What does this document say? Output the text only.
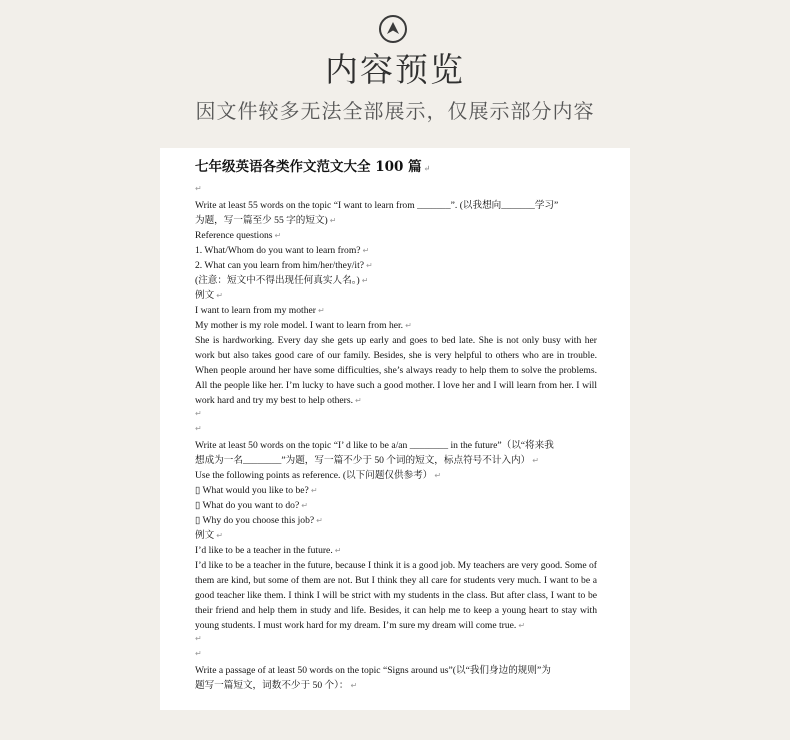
内容预览
因文件较多无法全部展示，仅展示部分内容
七年级英语各类作文范文大全 100 篇 ↵
↵
Write at least 55 words on the topic “I want to learn from _______”. (以我想向_______学习”
为题，写一篇至少 55 字的短文) ↵
Reference questions ↵
1. What/Whom do you want to learn from? ↵
2. What can you learn from him/her/they/it? ↵
(注意：短文中不得出现任何真实人名。) ↵
例文 ↵
I want to learn from my mother ↵
My mother is my role model. I want to learn from her. ↵
She is hardworking. Every day she gets up early and goes to bed late. She is not only busy with her work but also takes good care of our family. Besides, she is very helpful to others who are in trouble. When people around her have some difficulties, she’s always ready to help them to solve the problems. All the people like her. I’m lucky to have such a good mother. I love her and I will learn from her. I will work hard and try my best to help others. ↵
↵
↵
Write at least 50 words on the topic “I’ d like to be a/an ________ in the future”（以“将来我
想成为一名________”为题，写一篇不少于 50 个词的短文，标点符号不计入内） ↵
Use the following points as reference. (以下问题仅供参考） ↵
▯ What would you like to be? ↵
▯ What do you want to do? ↵
▯ Why do you choose this job? ↵
例文 ↵
I’d like to be a teacher in the future. ↵
I’d like to be a teacher in the future, because I think it is a good job. My teachers are very good. Some of them are kind, but some of them are not. But I think they all care for students very much. I want to be a good teacher like them. I think I will be strict with my students in the class. But after class, I want to be their friend and help them in study and life. Besides, it can help me to keep a young heart to stay with young students. I must work hard for my dream. I’m sure my dream will come true. ↵
↵
↵
Write a passage of at least 50 words on the topic “Signs around us”(以“我们身边的规则”为
题写一篇短文，词数不少于 50 个）： ↵
